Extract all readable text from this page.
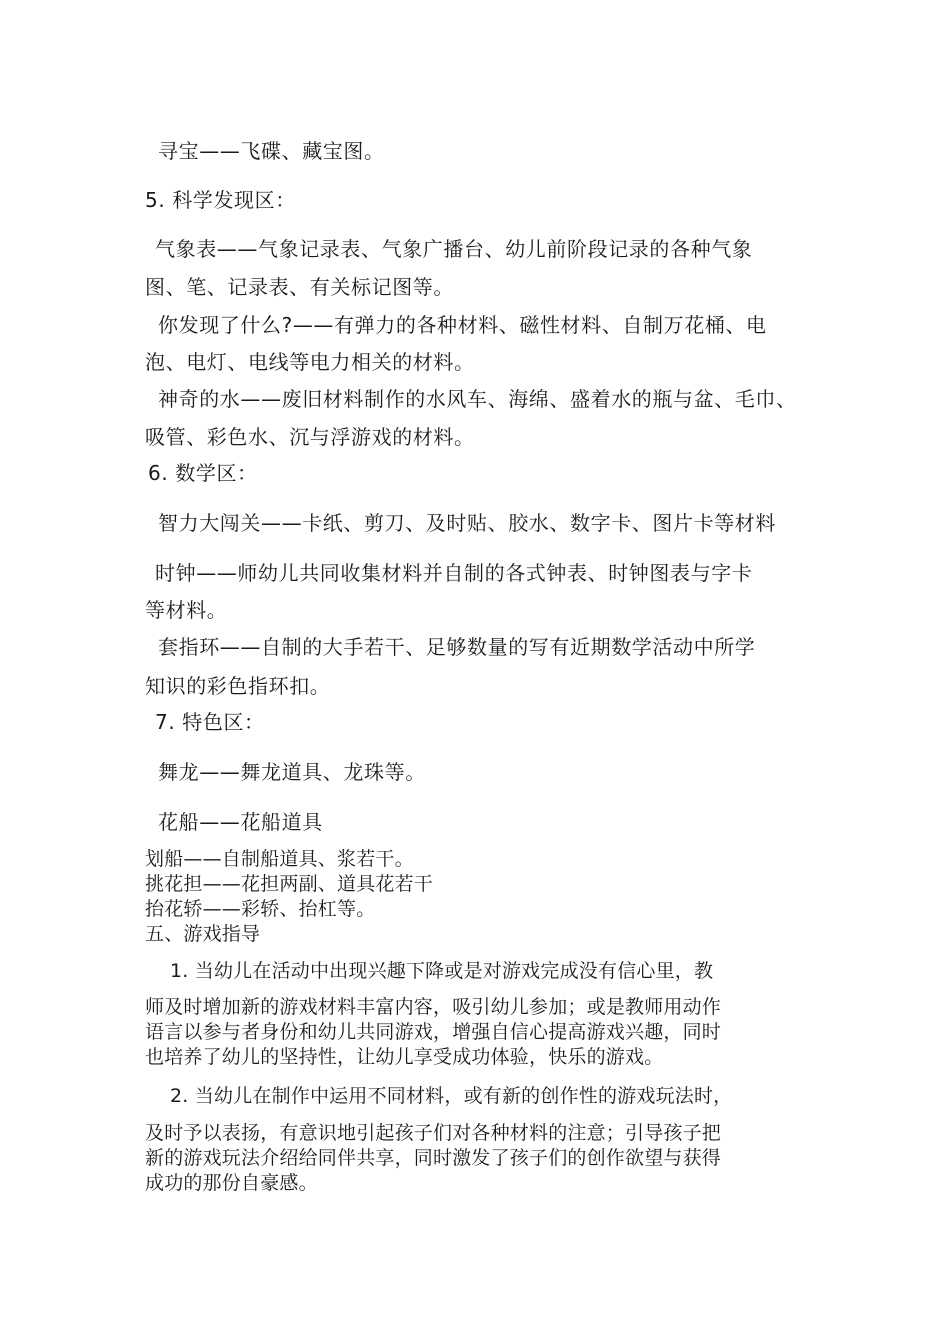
寻宝——飞碟、藏宝图。

5. 科学发现区：

气象表——气象记录表、气象广播台、幼儿前阶段记录的各种气象

图、笔、记录表、有关标记图等。

你发现了什么?——有弹力的各种材料、磁性材料、自制万花桶、电

泡、电灯、电线等电力相关的材料。

神奇的水——废旧材料制作的水风车、海绵、盛着水的瓶与盆、毛巾、

吸管、彩色水、沉与浮游戏的材料。

6. 数学区：

智力大闯关——卡纸、剪刀、及时贴、胶水、数字卡、图片卡等材料

时钟——师幼儿共同收集材料并自制的各式钟表、时钟图表与字卡

等材料。

套指环——自制的大手若干、足够数量的写有近期数学活动中所学

知识的彩色指环扣。

7. 特色区：

舞龙——舞龙道具、龙珠等。

花船——花船道具

划船——自制船道具、浆若干。

挑花担——花担两副、道具花若干

抬花轿——彩轿、抬杠等。

五、游戏指导

1. 当幼儿在活动中出现兴趣下降或是对游戏完成没有信心里，教

师及时增加新的游戏材料丰富内容，吸引幼儿参加；或是教师用动作

语言以参与者身份和幼儿共同游戏，增强自信心提高游戏兴趣，同时

也培养了幼儿的坚持性，让幼儿享受成功体验，快乐的游戏。

2. 当幼儿在制作中运用不同材料，或有新的创作性的游戏玩法时，

及时予以表扬，有意识地引起孩子们对各种材料的注意；引导孩子把

新的游戏玩法介绍给同伴共享，同时激发了孩子们的创作欲望与获得

成功的那份自豪感。
